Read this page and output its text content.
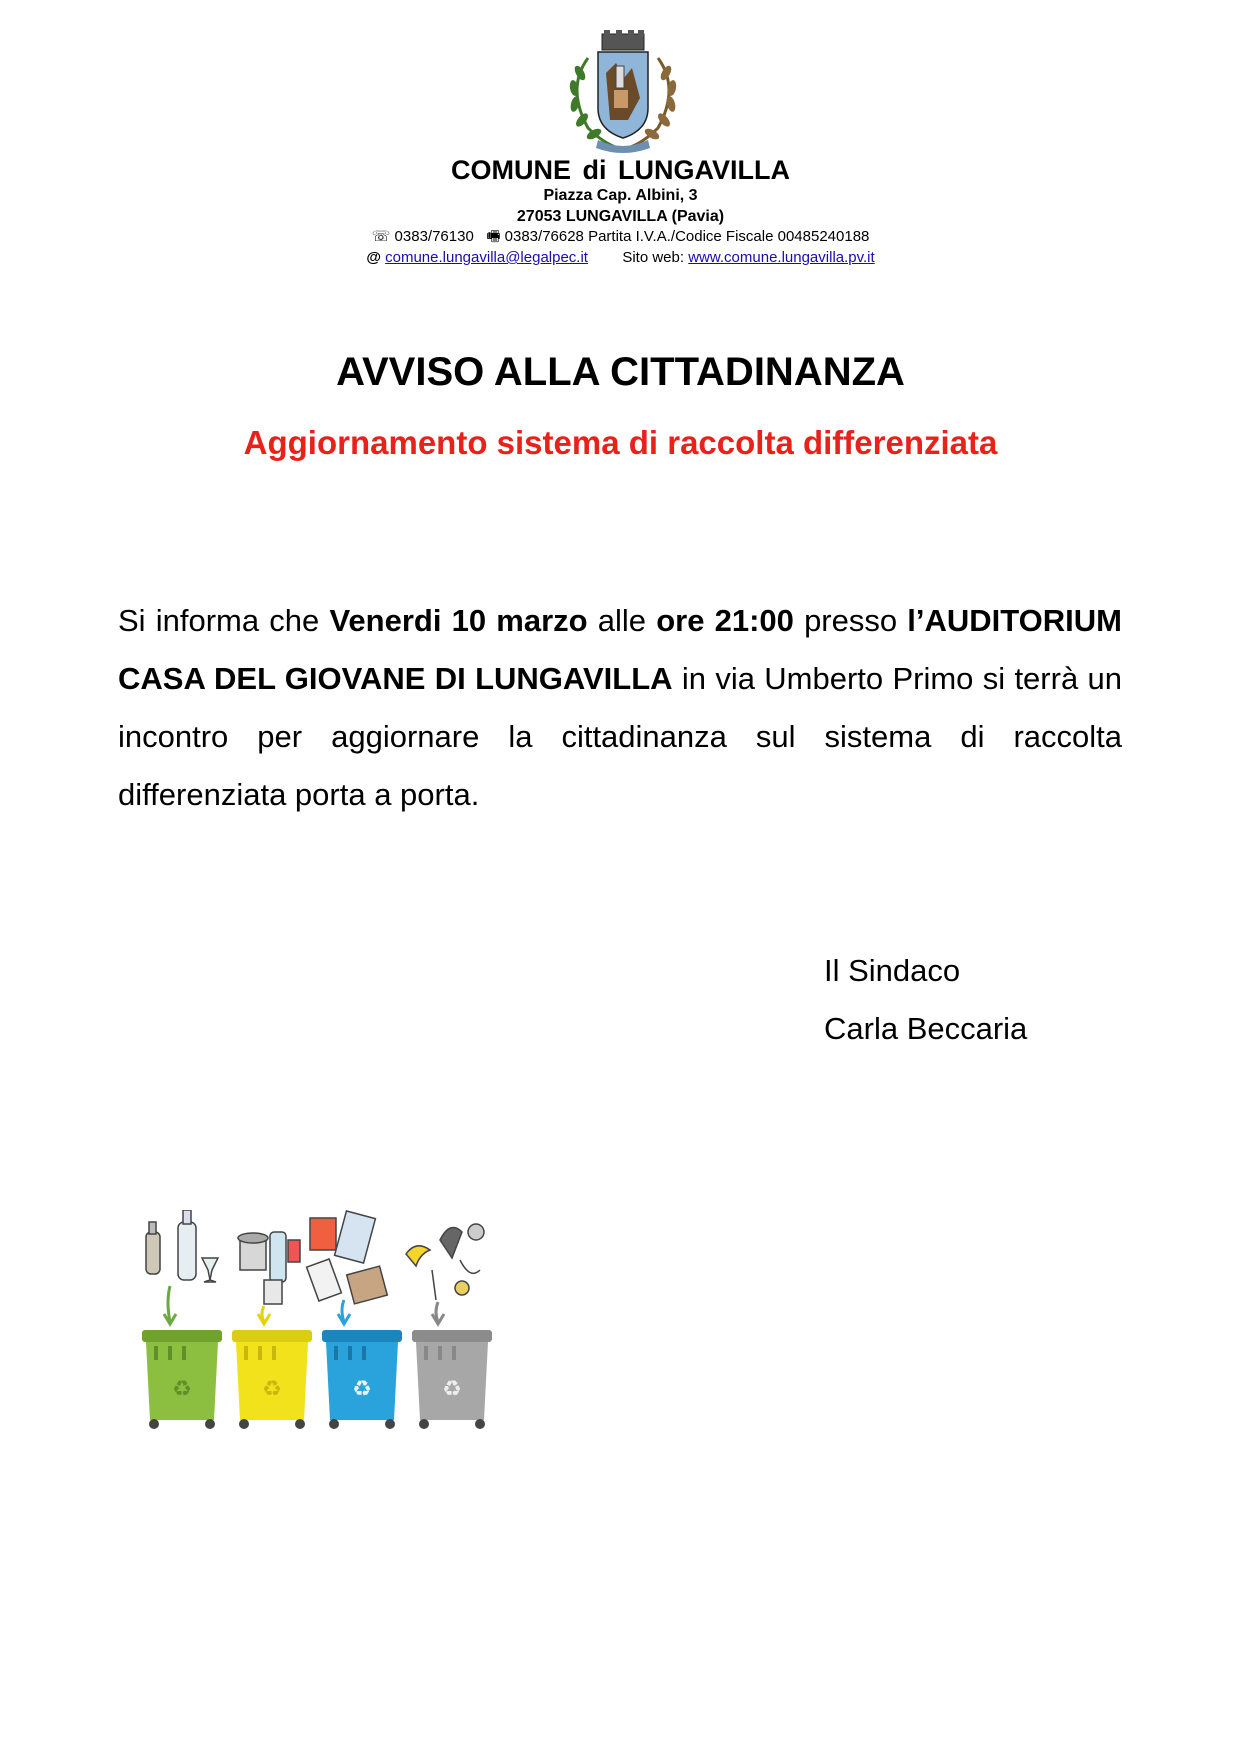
COMUNE di LUNGAVILLA
Piazza Cap. Albini, 3
27053 LUNGAVILLA (Pavia)
☏ 0383/76130 🖷 0383/76628 Partita I.V.A./Codice Fiscale 00485240188
@ comune.lungavilla@legalpec.it Sito web: www.comune.lungavilla.pv.it
AVVISO ALLA CITTADINANZA
Aggiornamento sistema di raccolta differenziata
Si informa che Venerdi 10 marzo alle ore 21:00 presso l’AUDITORIUM CASA DEL GIOVANE DI LUNGAVILLA in via Umberto Primo si terrà un incontro per aggiornare la cittadinanza sul sistema di raccolta differenziata porta a porta.
Il Sindaco
Carla Beccaria
♻	♻	♻	♻
